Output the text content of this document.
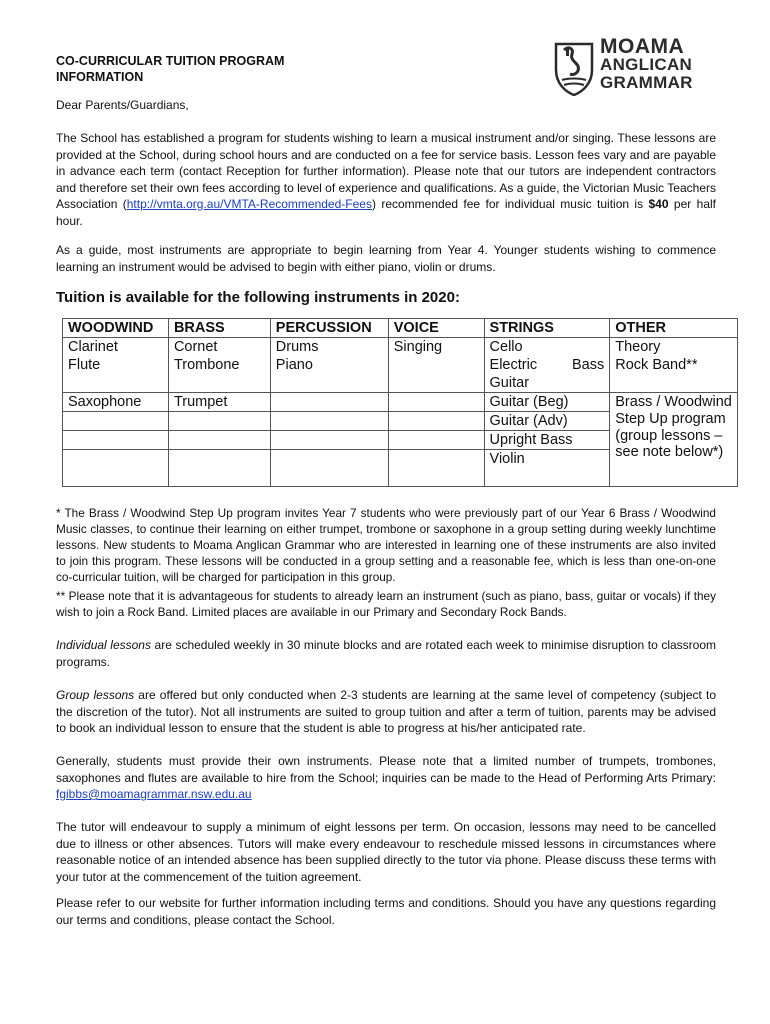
CO-CURRICULAR TUITION PROGRAM
INFORMATION
MOAMA
ANGLICAN
GRAMMAR
Dear Parents/Guardians,
The School has established a program for students wishing to learn a musical instrument and/or singing. These lessons are provided at the School, during school hours and are conducted on a fee for service basis. Lesson fees vary and are payable in advance each term (contact Reception for further information). Please note that our tutors are independent contractors and therefore set their own fees according to level of experience and qualifications. As a guide, the Victorian Music Teachers Association (http://vmta.org.au/VMTA-Recommended-Fees) recommended fee for individual music tuition is $40 per half hour.
As a guide, most instruments are appropriate to begin learning from Year 4. Younger students wishing to commence learning an instrument would be advised to begin with either piano, violin or drums.
Tuition is available for the following instruments in 2020:
WOODWIND	BRASS	PERCUSSION	VOICE	STRINGS	OTHER
Clarinet	Cornet	Drums	Singing	Cello	Theory
Flute	Trombone	Piano		Electric Bass Guitar	Rock Band**
Saxophone	Trumpet			Guitar (Beg)	Brass / Woodwind Step Up program (group lessons – see note below*)
				Guitar (Adv)	
				Upright Bass	
				Violin	
* The Brass / Woodwind Step Up program invites Year 7 students who were previously part of our Year 6 Brass / Woodwind Music classes, to continue their learning on either trumpet, trombone or saxophone in a group setting during weekly lunchtime lessons. New students to Moama Anglican Grammar who are interested in learning one of these instruments are also invited to join this program. These lessons will be conducted in a group setting and a reasonable fee, which is less than one-on-one co-curricular tuition, will be charged for participation in this group.
** Please note that it is advantageous for students to already learn an instrument (such as piano, bass, guitar or vocals) if they wish to join a Rock Band. Limited places are available in our Primary and Secondary Rock Bands.
Individual lessons are scheduled weekly in 30 minute blocks and are rotated each week to minimise disruption to classroom programs.
Group lessons are offered but only conducted when 2-3 students are learning at the same level of competency (subject to the discretion of the tutor). Not all instruments are suited to group tuition and after a term of tuition, parents may be advised to book an individual lesson to ensure that the student is able to progress at his/her anticipated rate.
Generally, students must provide their own instruments. Please note that a limited number of trumpets, trombones, saxophones and flutes are available to hire from the School; inquiries can be made to the Head of Performing Arts Primary: fgibbs@moamagrammar.nsw.edu.au
The tutor will endeavour to supply a minimum of eight lessons per term. On occasion, lessons may need to be cancelled due to illness or other absences. Tutors will make every endeavour to reschedule missed lessons in circumstances where reasonable notice of an intended absence has been supplied directly to the tutor via phone. Please discuss these terms with your tutor at the commencement of the tuition agreement.
Please refer to our website for further information including terms and conditions. Should you have any questions regarding our terms and conditions, please contact the School.
